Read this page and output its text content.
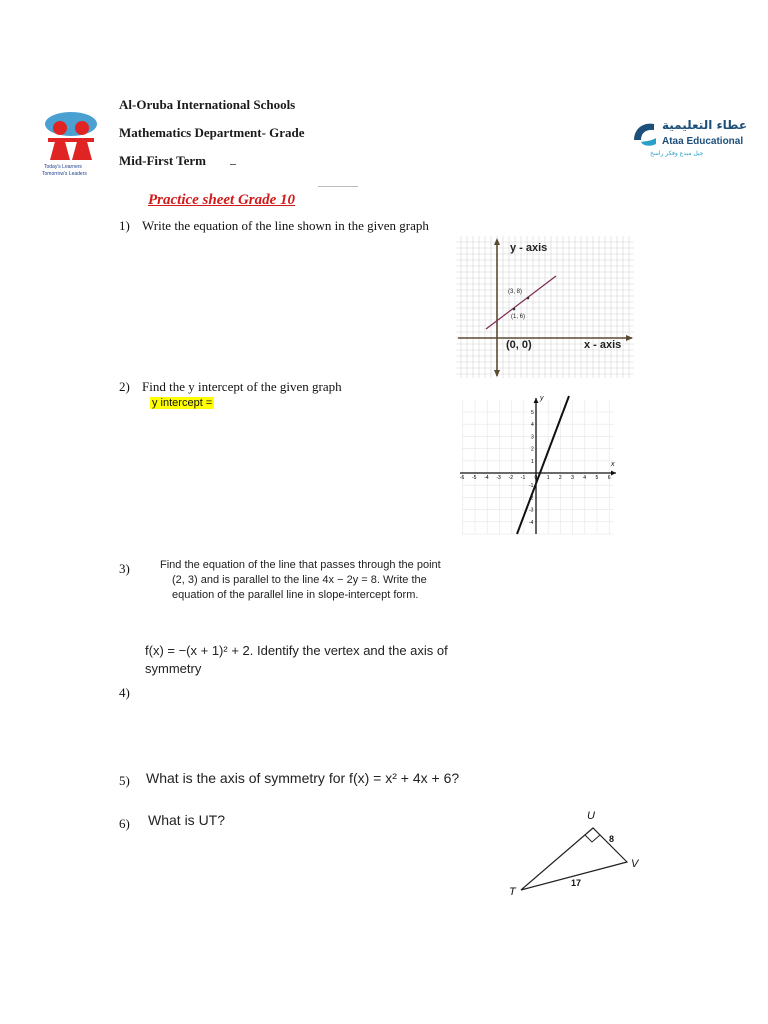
Today's Learners
Tomorrow's Leaders
Al-Oruba International Schools
Mathematics Department- Grade
Mid-First Term
عطاء التعليمية
Ataa Educational
جيل مبدع وفكر راسخ
Practice sheet Grade 10
1) Write the equation of the line shown in the given graph
y - axis
x - axis
(0, 0)
(3, 8)
(1, 6)
2) Find the y intercept of the given graph
y intercept =
-6 -5 -4 -3 -2 -1 0 1 2 3 4 5 6
5
4
3
2
1
-1
-2
-3
-4
y
x
3)	Find the equation of the line that passes through the point
(2, 3) and is parallel to the line 4x − 2y = 8. Write the
equation of the parallel line in slope-intercept form.
f(x) = −(x + 1)² + 2. Identify the vertex and the axis of
symmetry
4)
5) What is the axis of symmetry for f(x) = x² + 4x + 6?
6) What is UT?	U
V
T
8
17
